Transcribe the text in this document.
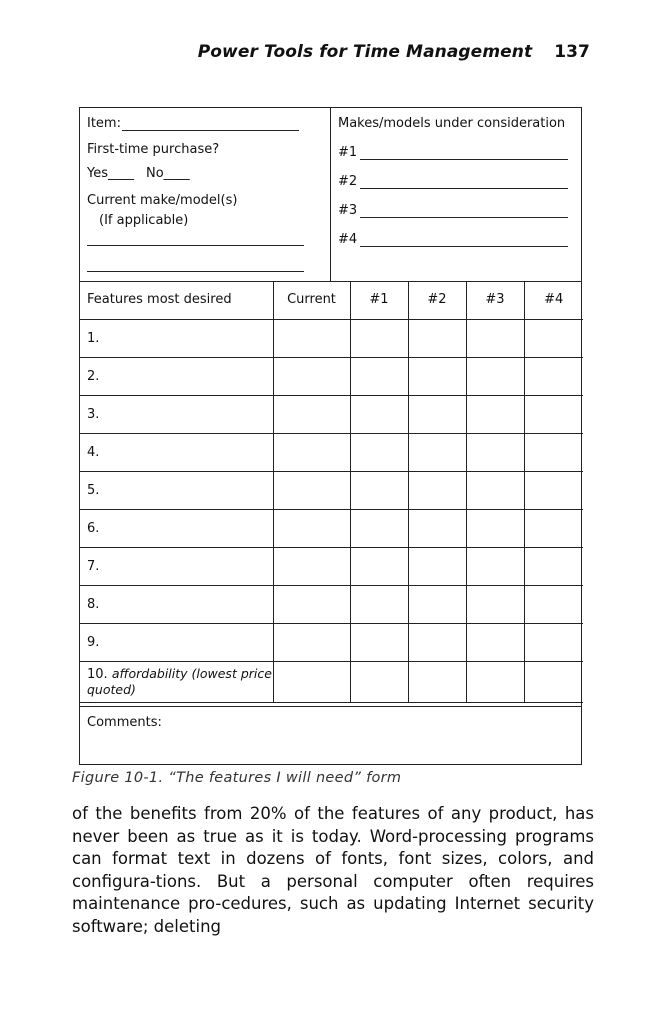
Power Tools for Time Management 137
Item:
First-time purchase?
Yes____ No____
Current make/model(s)
(If applicable)
Makes/models under consideration
#1
#2
#3
#4
Features most desired	Current	#1	#2	#3	#4
1.					
2.					
3.					
4.					
5.					
6.					
7.					
8.					
9.					
10. affordability (lowest price quoted)					
Comments:
Figure 10-1. “The features I will need” form

of the benefits from 20% of the features of any product, has never been as true as it is today. Word-processing programs can format text in dozens of fonts, font sizes, colors, and configura-tions. But a personal computer often requires maintenance pro-cedures, such as updating Internet security software; deleting
